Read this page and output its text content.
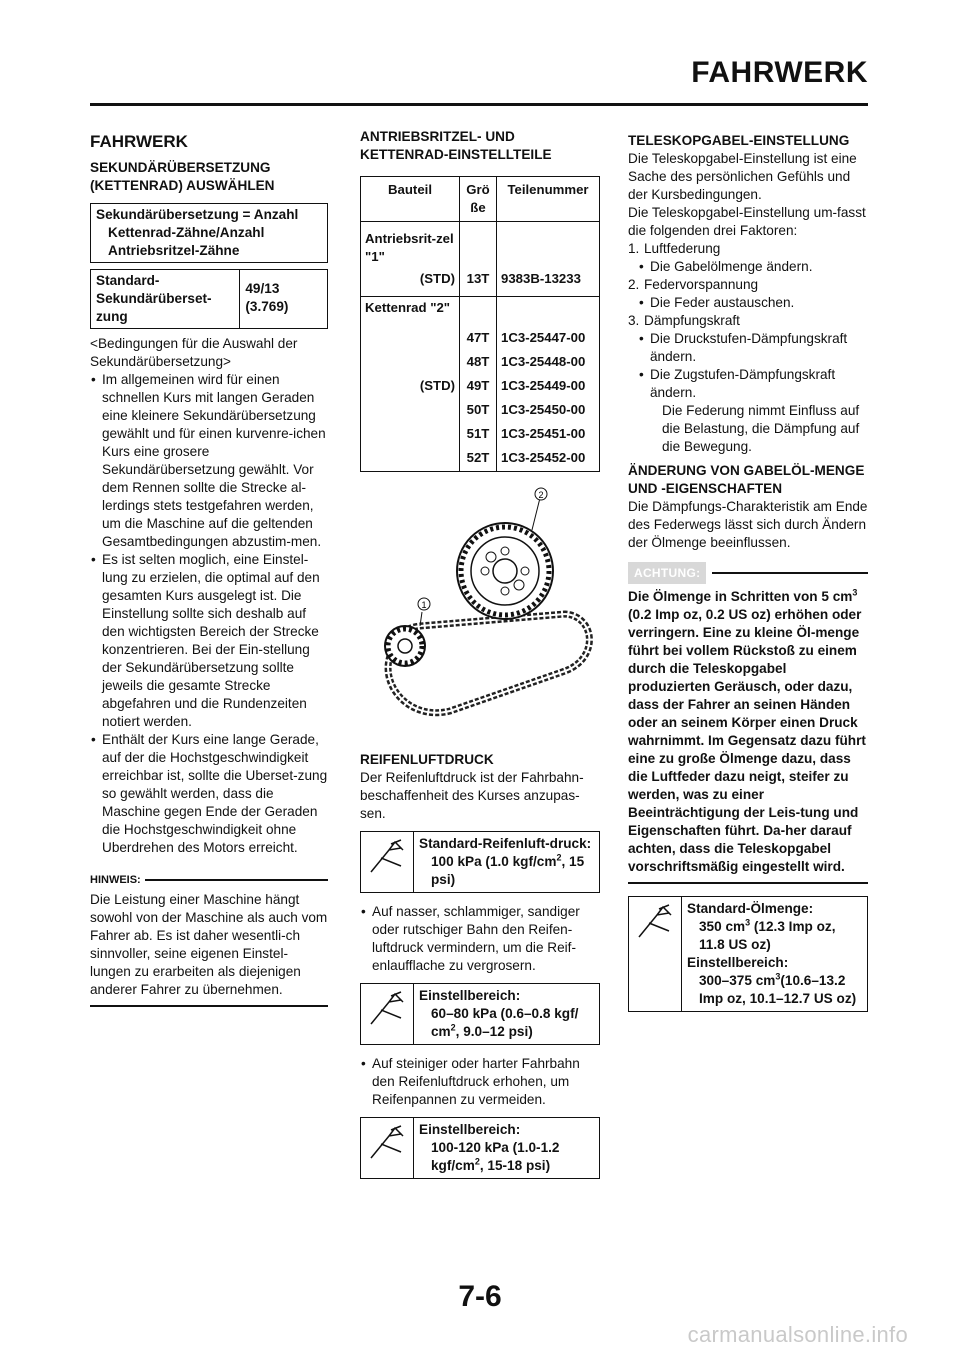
FAHRWERK
FAHRWERK
SEKUNDÄRÜBERSETZUNG (KETTENRAD) AUSWÄHLEN
Sekundärübersetzung = Anzahl
Kettenrad-Zähne/Anzahl
Antriebsritzel-Zähne
Standard-Sekundärüberset-zung
49/13 (3.769)

<Bedingungen für die Auswahl der Sekundärübersetzung>

• Im allgemeinen wird für einen schnellen Kurs mit langen Geraden eine kleinere Sekundärübersetzung gewählt und für einen kurvenre-ichen Kurs eine grosere Sekundärübersetzung gewählt. Vor dem Rennen sollte die Strecke al-lerdings stets testgefahren werden, um die Maschine auf die geltenden Gesamtbedingungen abzustim-men.
• Es ist selten moglich, eine Einstel-lung zu erzielen, die optimal auf den gesamten Kurs ausgelegt ist. Die Einstellung sollte sich deshalb auf den wichtigsten Bereich der Strecke konzentrieren. Bei der Ein-stellung der Sekundärübersetzung sollte jeweils die gesamte Strecke abgefahren und die Rundenzeiten notiert werden.
• Enthält der Kurs eine lange Gerade, auf der die Hochstgeschwindigkeit erreichbar ist, sollte die Uberset-zung so gewählt werden, dass die Maschine gegen Ende der Geraden die Hochstgeschwindigkeit ohne Uberdrehen des Motors erreicht.
HINWEIS:

Die Leistung einer Maschine hängt sowohl von der Maschine als auch vom Fahrer ab. Es ist daher wesentli-ch sinnvoller, seine eigenen Einstel-lungen zu erarbeiten als diejenigen anderer Fahrer zu übernehmen.

ANTRIEBSRITZEL- UND KETTENRAD-EINSTELLTEILE
Bauteil	Grö ße	Teilenummer
Antriebsrit-zel "1"		
(STD)	13T	9383B-13233
Kettenrad "2"		
	47T	1C3-25447-00
	48T	1C3-25448-00
(STD)	49T	1C3-25449-00
	50T	1C3-25450-00
	51T	1C3-25451-00
	52T	1C3-25452-00
1
2
REIFENLUFTDRUCK

Der Reifenluftdruck ist der Fahrbahn-beschaffenheit des Kurses anzupas-sen.

Standard-Reifenluft-druck:
100 kPa (1.0 kgf/$cm^2$, 15 psi)
• Auf nasser, schlammiger, sandiger oder rutschiger Bahn den Reifen-luftdruck vermindern, um die Reif-enlaufflache zu vergrosern.
Einstellbereich:
60–80 kPa (0.6–0.8 kgf/ $cm^2$, 9.0–12 psi)
• Auf steiniger oder harter Fahrbahn den Reifenluftdruck erhohen, um Reifenpannen zu vermeiden.
Einstellbereich:
100-120 kPa (1.0-1.2 kgf/$cm^2$, 15-18 psi)
TELESKOPGABEL-EINSTELLUNG

Die Teleskopgabel-Einstellung ist eine Sache des persönlichen Gefühls und der Kursbedingungen.

Die Teleskopgabel-Einstellung um-fasst die folgenden drei Faktoren:

1. Luftfederung
• Die Gabelölmenge ändern.
2. Federvorspannung
• Die Feder austauschen.
3. Dämpfungskraft
• Die Druckstufen-Dämpfungskraft ändern.
• Die Zugstufen-Dämpfungskraft ändern.

Die Federung nimmt Einfluss auf die Belastung, die Dämpfung auf die Bewegung.

ÄNDERUNG VON GABELÖL-MENGE UND -EIGENSCHAFTEN

Die Dämpfungs-Charakteristik am Ende des Federwegs lässt sich durch Ändern der Ölmenge beeinflussen.

ACHTUNG:

Die Ölmenge in Schritten von 5 $cm^3$ (0.2 Imp oz, 0.2 US oz) erhöhen oder verringern. Eine zu kleine Öl-menge führt bei vollem Rückstoß zu einem durch die Teleskopgabel produzierten Geräusch, oder dazu, dass der Fahrer an seinen Händen oder an seinem Körper einen Druck wahrnimmt. Im Gegensatz dazu führt eine zu große Ölmenge dazu, dass die Luftfeder dazu neigt, steifer zu werden, was zu einer Beeinträchtigung der Leis-tung und Eigenschaften führt. Da-her darauf achten, dass die Teleskopgabel vorschriftsmäßig eingestellt wird.

Standard-Ölmenge:
350 $cm^3$ (12.3 Imp oz, 11.8 US oz)
Einstellbereich:
300–375 $cm^3(10.6-13.2$ Imp oz, 10.1–12.7 US oz)
7-6
carmanualsonline.info
